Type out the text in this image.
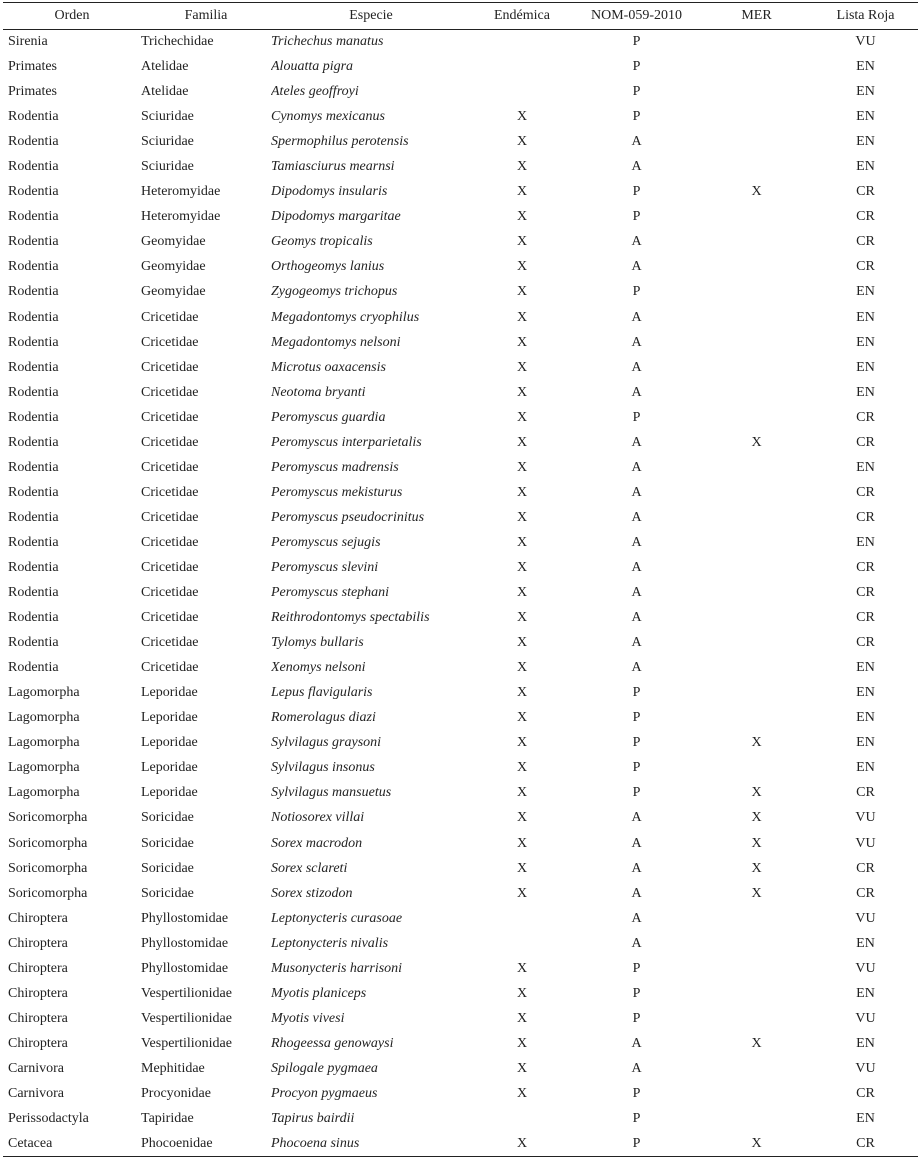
Orden	Familia	Especie	Endémica	NOM-059-2010	MER	Lista Roja
Sirenia	Trichechidae	Trichechus manatus		P		VU
Primates	Atelidae	Alouatta pigra		P		EN
Primates	Atelidae	Ateles geoffroyi		P		EN
Rodentia	Sciuridae	Cynomys mexicanus	X	P		EN
Rodentia	Sciuridae	Spermophilus perotensis	X	A		EN
Rodentia	Sciuridae	Tamiasciurus mearnsi	X	A		EN
Rodentia	Heteromyidae	Dipodomys insularis	X	P	X	CR
Rodentia	Heteromyidae	Dipodomys margaritae	X	P		CR
Rodentia	Geomyidae	Geomys tropicalis	X	A		CR
Rodentia	Geomyidae	Orthogeomys lanius	X	A		CR
Rodentia	Geomyidae	Zygogeomys trichopus	X	P		EN
Rodentia	Cricetidae	Megadontomys cryophilus	X	A		EN
Rodentia	Cricetidae	Megadontomys nelsoni	X	A		EN
Rodentia	Cricetidae	Microtus oaxacensis	X	A		EN
Rodentia	Cricetidae	Neotoma bryanti	X	A		EN
Rodentia	Cricetidae	Peromyscus guardia	X	P		CR
Rodentia	Cricetidae	Peromyscus interparietalis	X	A	X	CR
Rodentia	Cricetidae	Peromyscus madrensis	X	A		EN
Rodentia	Cricetidae	Peromyscus mekisturus	X	A		CR
Rodentia	Cricetidae	Peromyscus pseudocrinitus	X	A		CR
Rodentia	Cricetidae	Peromyscus sejugis	X	A		EN
Rodentia	Cricetidae	Peromyscus slevini	X	A		CR
Rodentia	Cricetidae	Peromyscus stephani	X	A		CR
Rodentia	Cricetidae	Reithrodontomys spectabilis	X	A		CR
Rodentia	Cricetidae	Tylomys bullaris	X	A		CR
Rodentia	Cricetidae	Xenomys nelsoni	X	A		EN
Lagomorpha	Leporidae	Lepus flavigularis	X	P		EN
Lagomorpha	Leporidae	Romerolagus diazi	X	P		EN
Lagomorpha	Leporidae	Sylvilagus graysoni	X	P	X	EN
Lagomorpha	Leporidae	Sylvilagus insonus	X	P		EN
Lagomorpha	Leporidae	Sylvilagus mansuetus	X	P	X	CR
Soricomorpha	Soricidae	Notiosorex villai	X	A	X	VU
Soricomorpha	Soricidae	Sorex macrodon	X	A	X	VU
Soricomorpha	Soricidae	Sorex sclareti	X	A	X	CR
Soricomorpha	Soricidae	Sorex stizodon	X	A	X	CR
Chiroptera	Phyllostomidae	Leptonycteris curasoae		A		VU
Chiroptera	Phyllostomidae	Leptonycteris nivalis		A		EN
Chiroptera	Phyllostomidae	Musonycteris harrisoni	X	P		VU
Chiroptera	Vespertilionidae	Myotis planiceps	X	P		EN
Chiroptera	Vespertilionidae	Myotis vivesi	X	P		VU
Chiroptera	Vespertilionidae	Rhogeessa genowaysi	X	A	X	EN
Carnivora	Mephitidae	Spilogale pygmaea	X	A		VU
Carnivora	Procyonidae	Procyon pygmaeus	X	P		CR
Perissodactyla	Tapiridae	Tapirus bairdii		P		EN
Cetacea	Phocoenidae	Phocoena sinus	X	P	X	CR
